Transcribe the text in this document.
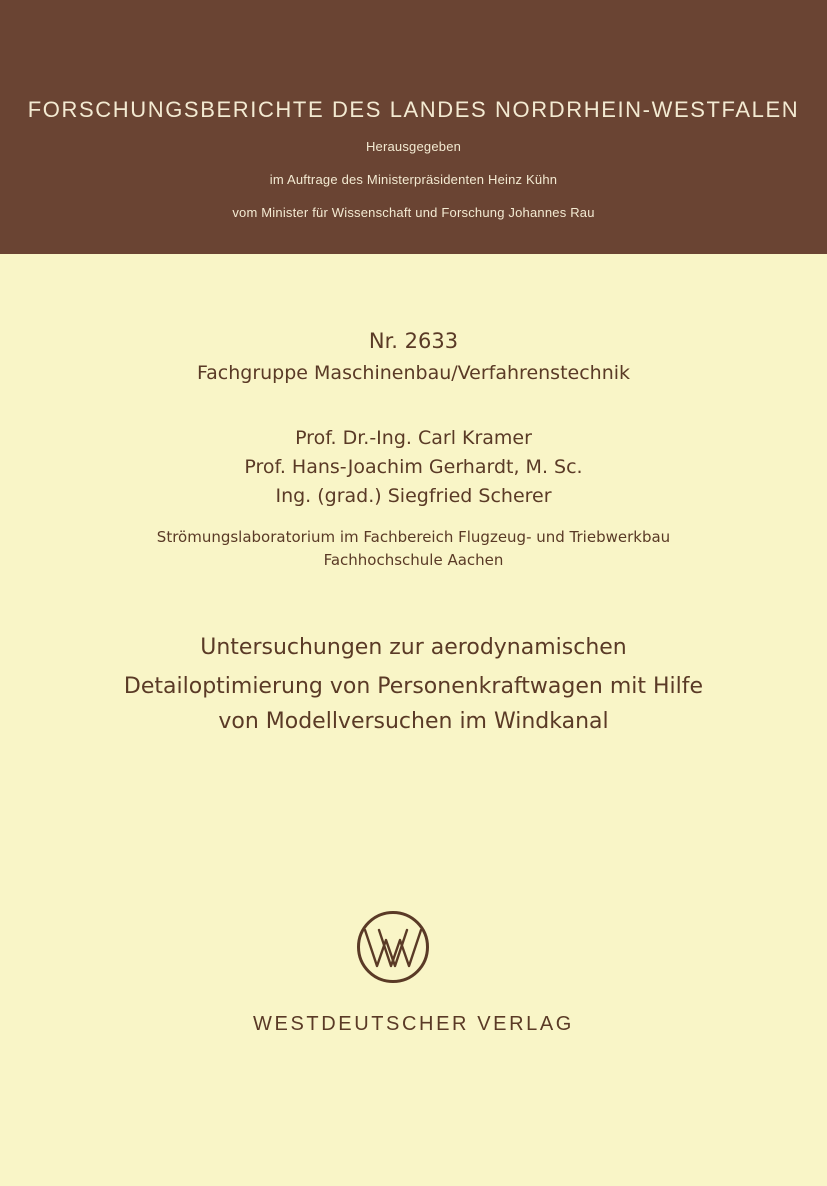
FORSCHUNGSBERICHTE DES LANDES NORDRHEIN-WESTFALEN
Herausgegeben
im Auftrage des Ministerpräsidenten Heinz Kühn
vom Minister für Wissenschaft und Forschung Johannes Rau
Nr. 2633
Fachgruppe Maschinenbau/Verfahrenstechnik
Prof. Dr.-Ing. Carl Kramer
Prof. Hans-Joachim Gerhardt, M. Sc.
Ing. (grad.) Siegfried Scherer
Strömungslaboratorium im Fachbereich Flugzeug- und Triebwerkbau
Fachhochschule Aachen
Untersuchungen zur aerodynamischen
Detailoptimierung von Personenkraftwagen mit Hilfe
von Modellversuchen im Windkanal
WESTDEUTSCHER VERLAG
